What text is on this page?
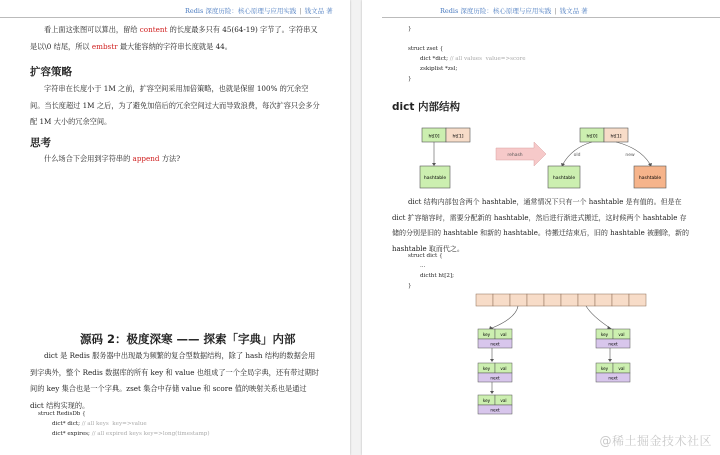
Redis 深度历险：核心原理与应用实践 | 钱文品 著

看上面这张图可以算出，留给 content 的长度最多只有 45(64-19) 字节了。字符串又是以\0 结尾，所以 embstr 最大能容纳的字符串长度就是 44。

扩容策略

字符串在长度小于 1M 之前，扩容空间采用加倍策略，也就是保留 100% 的冗余空间。当长度超过 1M 之后，为了避免加倍后的冗余空间过大而导致浪费，每次扩容只会多分配 1M 大小的冗余空间。

思考

什么场合下会用到字符串的 append 方法?

源码 2：极度深寒 —— 探索「字典」内部

dict 是 Redis 服务器中出现最为频繁的复合型数据结构，除了 hash 结构的数据会用到字典外，整个 Redis 数据库的所有 key 和 value 也组成了一个全局字典，还有带过期时间的 key 集合也是一个字典。zset 集合中存储 value 和 score 值的映射关系也是通过 dict 结构实现的。

struct RedisDb {
dict* dict; // all keys  key=>value
dict* expires; // all expired keys key=>long(timestamp)
Redis 深度历险：核心原理与应用实践 | 钱文品 著
}

struct zset {
dict *dict; // all values  value=>score
zskiplist *zsl;
}
dict 内部结构
ht[0]	ht[1]
hashtable
rehash
ht[0]	ht[1]
old	new
hashtable	hashtable

dict 结构内部包含两个 hashtable，通常情况下只有一个 hashtable 是有值的。但是在 dict 扩容缩容时，需要分配新的 hashtable，然后进行渐进式搬迁，这时候两个 hashtable 存储的分别是旧的 hashtable 和新的 hashtable。待搬迁结束后，旧的 hashtable 被删除，新的 hashtable 取而代之。

struct dict {
...
dictht ht[2];
}
key val
next
key val
next
key val
next
key val
next
key val
next
@稀土掘金技术社区
